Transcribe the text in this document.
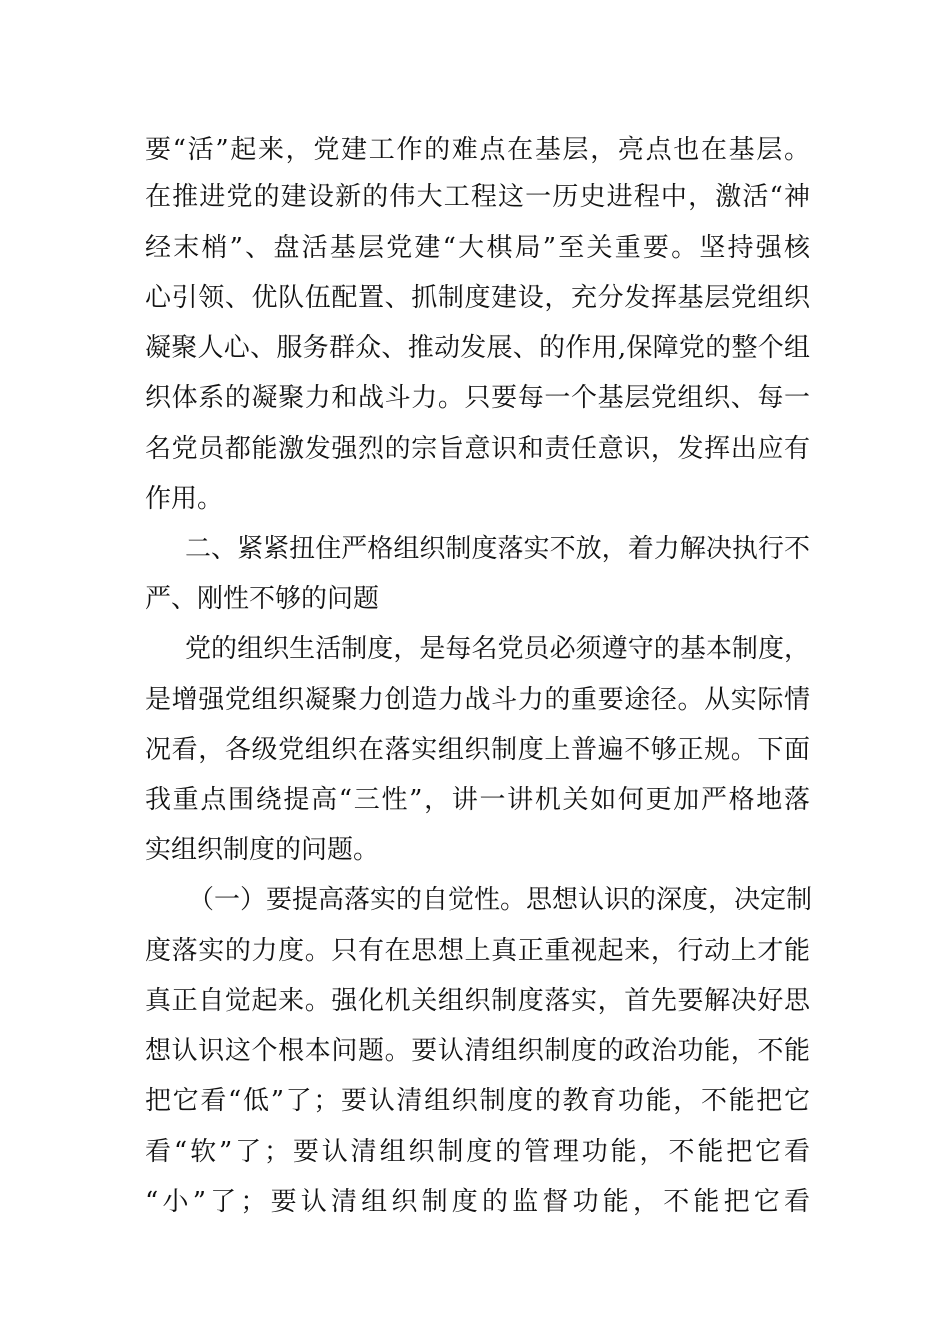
要“活”起来，党建工作的难点在基层，亮点也在基层。
在推进党的建设新的伟大工程这一历史进程中，激活“神
经末梢”、盘活基层党建“大棋局”至关重要。坚持强核
心引领、优队伍配置、抓制度建设，充分发挥基层党组织
凝聚人心、服务群众、推动发展、的作用,保障党的整个组
织体系的凝聚力和战斗力。只要每一个基层党组织、每一
名党员都能激发强烈的宗旨意识和责任意识，发挥出应有
作用。
二、紧紧扭住严格组织制度落实不放，着力解决执行不
严、刚性不够的问题
党的组织生活制度，是每名党员必须遵守的基本制度，
是增强党组织凝聚力创造力战斗力的重要途径。从实际情
况看，各级党组织在落实组织制度上普遍不够正规。下面
我重点围绕提高“三性”，讲一讲机关如何更加严格地落
实组织制度的问题。
（一）要提高落实的自觉性。思想认识的深度，决定制
度落实的力度。只有在思想上真正重视起来，行动上才能
真正自觉起来。强化机关组织制度落实，首先要解决好思
想认识这个根本问题。要认清组织制度的政治功能，不能
把它看“低”了；要认清组织制度的教育功能，不能把它
看“软”了；要认清组织制度的管理功能，不能把它看
“小”了；要认清组织制度的监督功能，不能把它看
